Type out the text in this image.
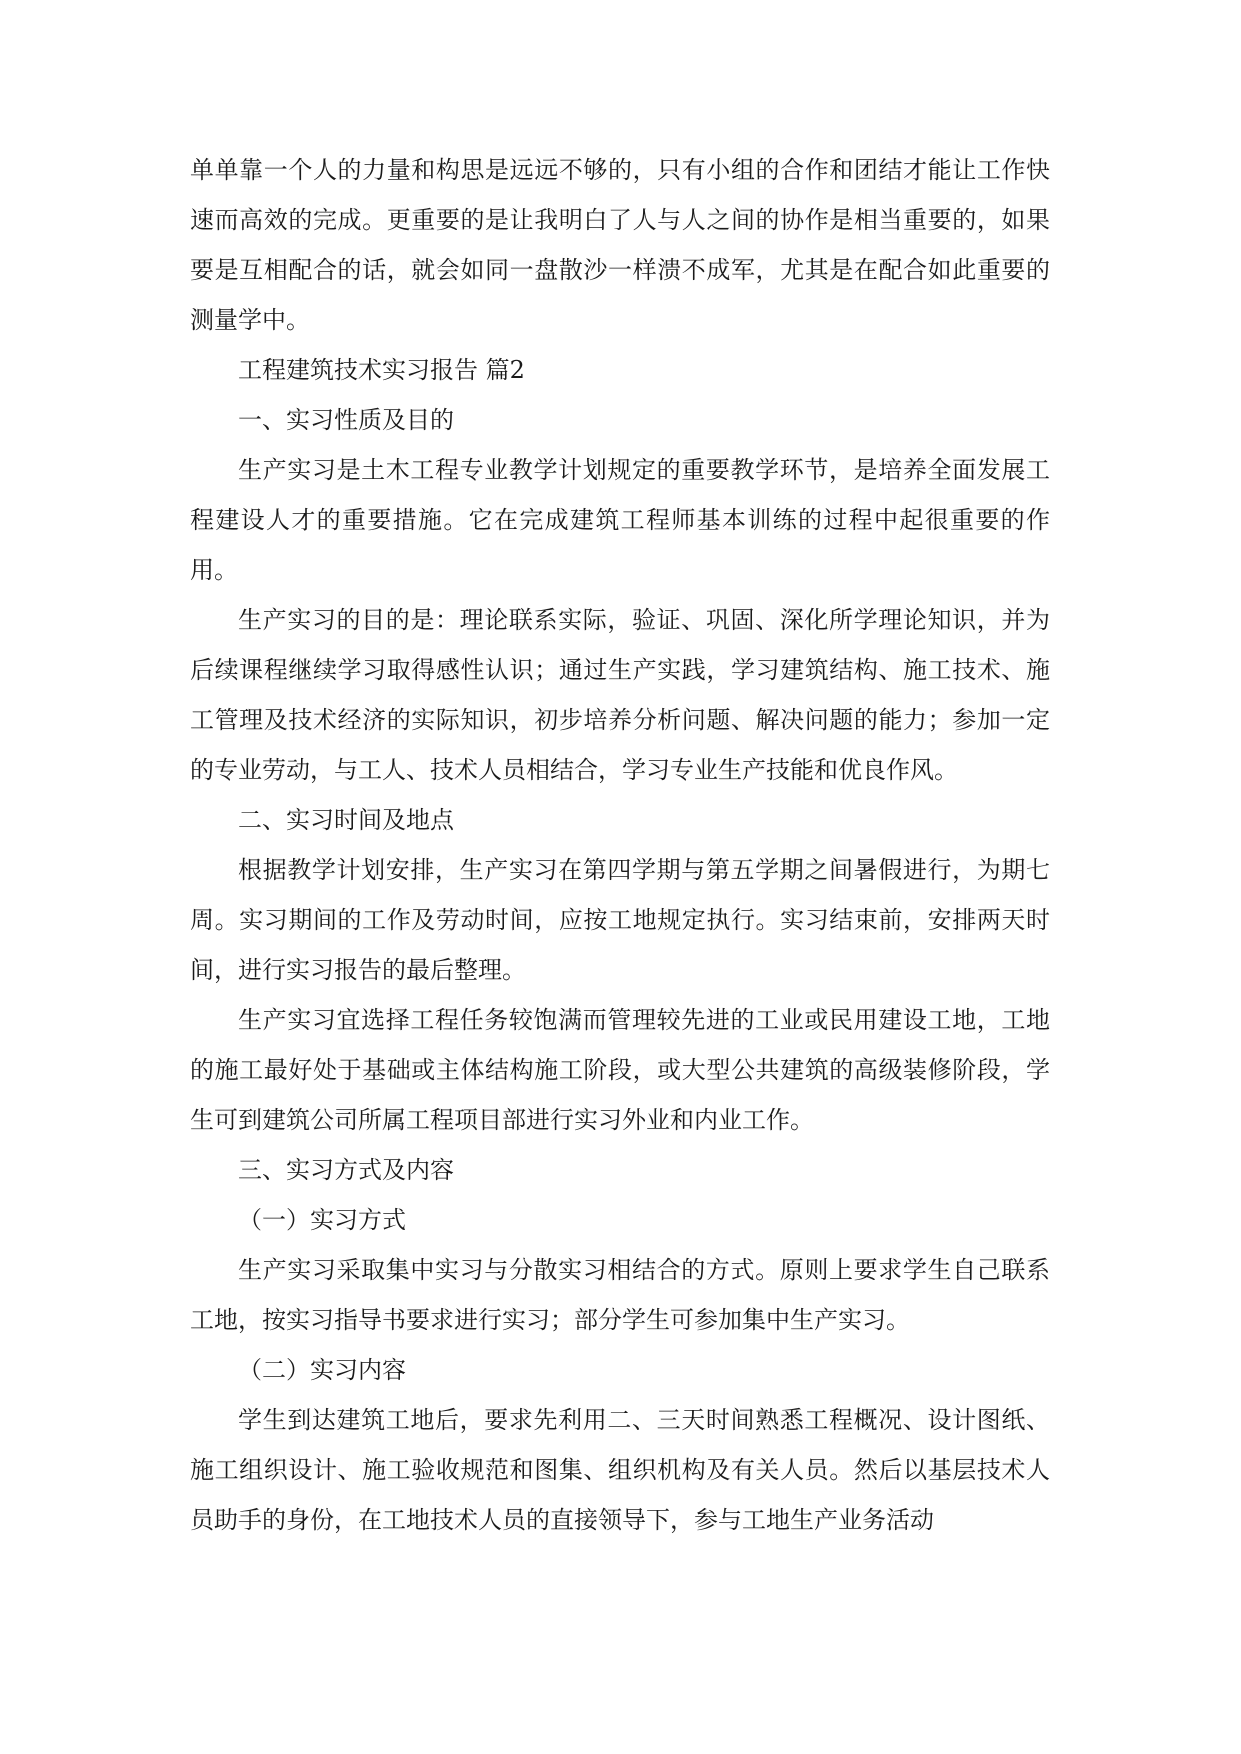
单单靠一个人的力量和构思是远远不够的，只有小组的合作和团结才能让工作快速而高效的完成。更重要的是让我明白了人与人之间的协作是相当重要的，如果要是互相配合的话，就会如同一盘散沙一样溃不成军，尤其是在配合如此重要的测量学中。

工程建筑技术实习报告 篇2

一、实习性质及目的

生产实习是土木工程专业教学计划规定的重要教学环节，是培养全面发展工程建设人才的重要措施。它在完成建筑工程师基本训练的过程中起很重要的作用。

生产实习的目的是：理论联系实际，验证、巩固、深化所学理论知识，并为后续课程继续学习取得感性认识；通过生产实践，学习建筑结构、施工技术、施工管理及技术经济的实际知识，初步培养分析问题、解决问题的能力；参加一定的专业劳动，与工人、技术人员相结合，学习专业生产技能和优良作风。

二、实习时间及地点

根据教学计划安排，生产实习在第四学期与第五学期之间暑假进行，为期七周。实习期间的工作及劳动时间，应按工地规定执行。实习结束前，安排两天时间，进行实习报告的最后整理。

生产实习宜选择工程任务较饱满而管理较先进的工业或民用建设工地，工地的施工最好处于基础或主体结构施工阶段，或大型公共建筑的高级装修阶段，学生可到建筑公司所属工程项目部进行实习外业和内业工作。

三、实习方式及内容

（一）实习方式

生产实习采取集中实习与分散实习相结合的方式。原则上要求学生自己联系工地，按实习指导书要求进行实习；部分学生可参加集中生产实习。

（二）实习内容

学生到达建筑工地后，要求先利用二、三天时间熟悉工程概况、设计图纸、施工组织设计、施工验收规范和图集、组织机构及有关人员。然后以基层技术人员助手的身份，在工地技术人员的直接领导下，参与工地生产业务活动
